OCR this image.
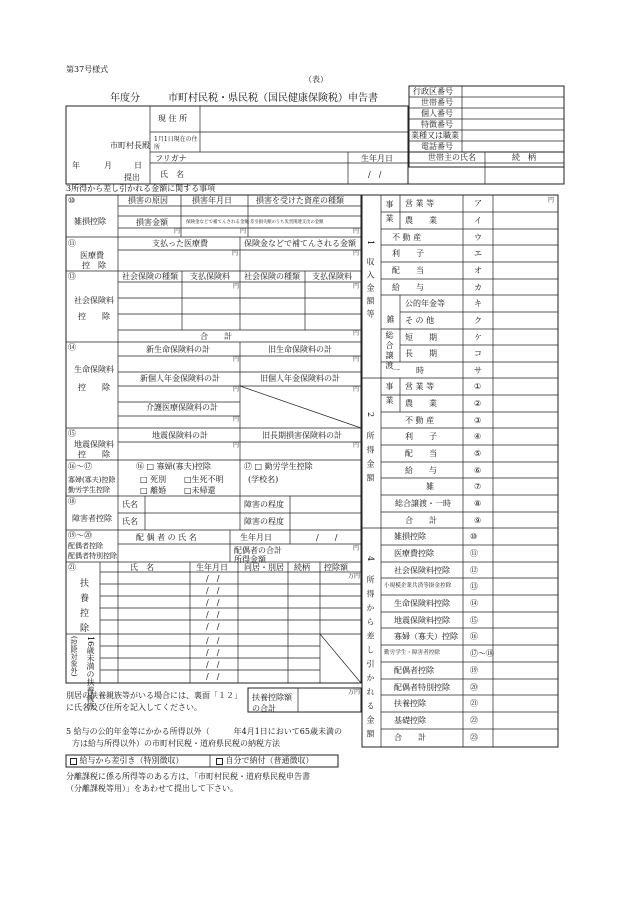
第37号様式
（表）
年度分	市町村民税・県民税（国民健康保険税）申告書
行政区番号
世帯番号
個人番号
特徴番号
業種又は職業
電話番号
世帯主の氏名	続　柄
市町村長殿
年	月	日
提出
現 住 所
1月1日現在の住所
フリガナ
氏　名
生年月日
/　/
3所得から差し引かれる金額に関する事項
⑩
雑損控除
損害の原因	損害年月日	損害を受けた資産の種類
損害金額	保険金などで補てんされる金額 差引損失額のうち災害関連支出の金額
円	円	円
⑪
医療費
控　除
支払った医療費	保険金などで補てんされる金額
円	円
⑬
社会保険料
控　　除
社会保険の種類 支払保険料 社会保険の種類 支払保険料
円	円
合　　計	円
⑭
生命保険料
控　　除
新生命保険料の計	旧生命保険料の計
円	円
新個人年金保険料の計	旧個人年金保険料の計
円	円
介護医療保険料の計
円
⑮
地震保険料
控　　除
地震保険料の計	旧長期損害保険料の計
円	円
⑯～⑰
寡婦(寡夫)控除
勤労学生控除
⑯ □ 寡婦(寡夫)控除	⑰ □ 勤労学生控除
(学校名)
□ 死別 □生死不明
□ 離婚 □未帰還
⑱
障害者控除
氏名
氏名
障害の程度
障害の程度
⑲～⑳
配偶者控除
配偶者特別控除
配 偶 者 の 氏 名	生年月日	/　　/
配偶者の合計所得金額
円
㉑
扶養控除
氏　名	生年月日 同居・別居 続柄 控除額
万円
/　/
/　/
/　/
/　/
/　/
/　/
/　/
/　/
/　/
16歳未満の扶養親族
(控除対象外)
別居の扶養親族等がいる場合には、裏面「１２」に氏名及び住所を記入してください。
扶養控除額の合計
万円
5 給与の公的年金等にかかる所得以外（　　　年4月1日において65歳未満の
方は給与所得以外）の市町村民税・道府県民税の納税方法
給与から差引き（特別徴収）	自分で納付（普通徴収）
分離課税に係る所得等のある方は、「市町村民税・道府県民税申告書
（分離課税等用）」をあわせて提出して下さい。
営 業 等	ア
農　　業	イ
不 動 産	ウ
利　　子	エ
配　　当	オ
給　　与	カ
公的年金等	キ
そ の 他	ク
短　　期	ケ
長　　期	コ
一　　時	サ
円
事業
雑
総合譲渡
1 収入金額等
営 業 等	①
農　　業	②
不 動 産	③
利　　子	④
配　　当	⑤
給　　与	⑥
雑	⑦
総合譲渡・一時	⑧
合　　計	⑨
事業
2 所得金額
雑損控除	⑩
医療費控除	⑪
社会保険料控除	⑫
小規模企業共済等掛金控除 ⑬
生命保険料控除	⑭
地震保険料控除	⑮
寡婦（寡夫）控除 ⑯
勤労学生・障害者控除	⑰～⑱
配偶者控除	⑲
配偶者特別控除	⑳
扶養控除	㉑
基礎控除	㉒
合　　計	㉓
4 所得から差し引かれる金額
